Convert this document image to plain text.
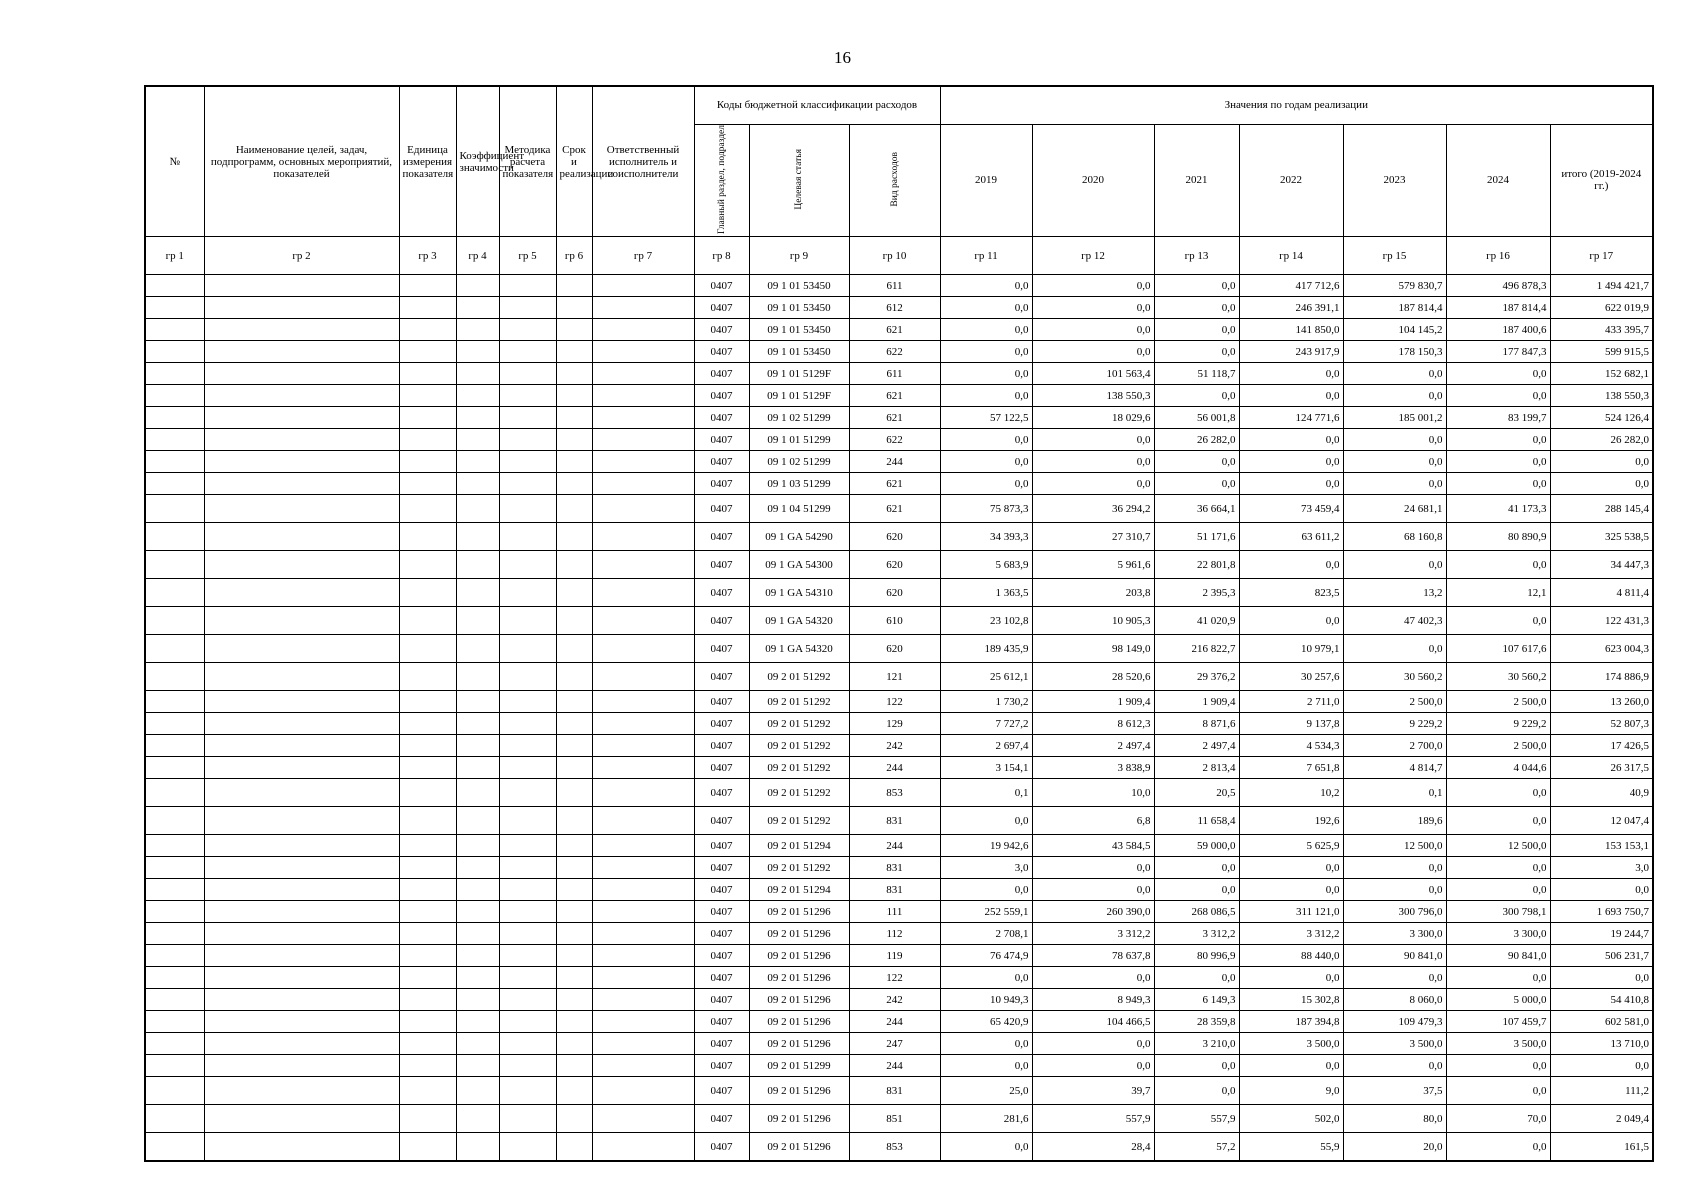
16
№	Наименование целей, задач, подпрограмм, основных мероприятий, показателей	Единица измерения показателя	Коэффициент значимости	Методика расчета показателя	Срок и реализации	Ответственный исполнитель и соисполнители	Коды бюджетной классификации расходов			Значения по годам реализации						
							Главный раздел, подраздел	Целевая статья	Вид расходов	2019	2020	2021	2022	2023	2024	итого (2019-2024 гг.)
гр 1	гр 2	гр 3	гр 4	гр 5	гр 6	гр 7	гр 8	гр 9	гр 10	гр 11	гр 12	гр 13	гр 14	гр 15	гр 16	гр 17
							0407	09 1 01 53450	611	0,0	0,0	0,0	417 712,6	579 830,7	496 878,3	1 494 421,7
							0407	09 1 01 53450	612	0,0	0,0	0,0	246 391,1	187 814,4	187 814,4	622 019,9
							0407	09 1 01 53450	621	0,0	0,0	0,0	141 850,0	104 145,2	187 400,6	433 395,7
							0407	09 1 01 53450	622	0,0	0,0	0,0	243 917,9	178 150,3	177 847,3	599 915,5
							0407	09 1 01 5129F	611	0,0	101 563,4	51 118,7	0,0	0,0	0,0	152 682,1
							0407	09 1 01 5129F	621	0,0	138 550,3	0,0	0,0	0,0	0,0	138 550,3
							0407	09 1 02 51299	621	57 122,5	18 029,6	56 001,8	124 771,6	185 001,2	83 199,7	524 126,4
							0407	09 1 01 51299	622	0,0	0,0	26 282,0	0,0	0,0	0,0	26 282,0
							0407	09 1 02 51299	244	0,0	0,0	0,0	0,0	0,0	0,0	0,0
							0407	09 1 03 51299	621	0,0	0,0	0,0	0,0	0,0	0,0	0,0
							0407	09 1 04 51299	621	75 873,3	36 294,2	36 664,1	73 459,4	24 681,1	41 173,3	288 145,4
							0407	09 1 GA 54290	620	34 393,3	27 310,7	51 171,6	63 611,2	68 160,8	80 890,9	325 538,5
							0407	09 1 GA 54300	620	5 683,9	5 961,6	22 801,8	0,0	0,0	0,0	34 447,3
							0407	09 1 GA 54310	620	1 363,5	203,8	2 395,3	823,5	13,2	12,1	4 811,4
							0407	09 1 GA 54320	610	23 102,8	10 905,3	41 020,9	0,0	47 402,3	0,0	122 431,3
							0407	09 1 GA 54320	620	189 435,9	98 149,0	216 822,7	10 979,1	0,0	107 617,6	623 004,3
							0407	09 2 01 51292	121	25 612,1	28 520,6	29 376,2	30 257,6	30 560,2	30 560,2	174 886,9
							0407	09 2 01 51292	122	1 730,2	1 909,4	1 909,4	2 711,0	2 500,0	2 500,0	13 260,0
							0407	09 2 01 51292	129	7 727,2	8 612,3	8 871,6	9 137,8	9 229,2	9 229,2	52 807,3
							0407	09 2 01 51292	242	2 697,4	2 497,4	2 497,4	4 534,3	2 700,0	2 500,0	17 426,5
							0407	09 2 01 51292	244	3 154,1	3 838,9	2 813,4	7 651,8	4 814,7	4 044,6	26 317,5
							0407	09 2 01 51292	853	0,1	10,0	20,5	10,2	0,1	0,0	40,9
							0407	09 2 01 51292	831	0,0	6,8	11 658,4	192,6	189,6	0,0	12 047,4
							0407	09 2 01 51294	244	19 942,6	43 584,5	59 000,0	5 625,9	12 500,0	12 500,0	153 153,1
							0407	09 2 01 51292	831	3,0	0,0	0,0	0,0	0,0	0,0	3,0
							0407	09 2 01 51294	831	0,0	0,0	0,0	0,0	0,0	0,0	0,0
							0407	09 2 01 51296	111	252 559,1	260 390,0	268 086,5	311 121,0	300 796,0	300 798,1	1 693 750,7
							0407	09 2 01 51296	112	2 708,1	3 312,2	3 312,2	3 312,2	3 300,0	3 300,0	19 244,7
							0407	09 2 01 51296	119	76 474,9	78 637,8	80 996,9	88 440,0	90 841,0	90 841,0	506 231,7
							0407	09 2 01 51296	122	0,0	0,0	0,0	0,0	0,0	0,0	0,0
							0407	09 2 01 51296	242	10 949,3	8 949,3	6 149,3	15 302,8	8 060,0	5 000,0	54 410,8
							0407	09 2 01 51296	244	65 420,9	104 466,5	28 359,8	187 394,8	109 479,3	107 459,7	602 581,0
							0407	09 2 01 51296	247	0,0	0,0	3 210,0	3 500,0	3 500,0	3 500,0	13 710,0
							0407	09 2 01 51299	244	0,0	0,0	0,0	0,0	0,0	0,0	0,0
							0407	09 2 01 51296	831	25,0	39,7	0,0	9,0	37,5	0,0	111,2
							0407	09 2 01 51296	851	281,6	557,9	557,9	502,0	80,0	70,0	2 049,4
							0407	09 2 01 51296	853	0,0	28,4	57,2	55,9	20,0	0,0	161,5
